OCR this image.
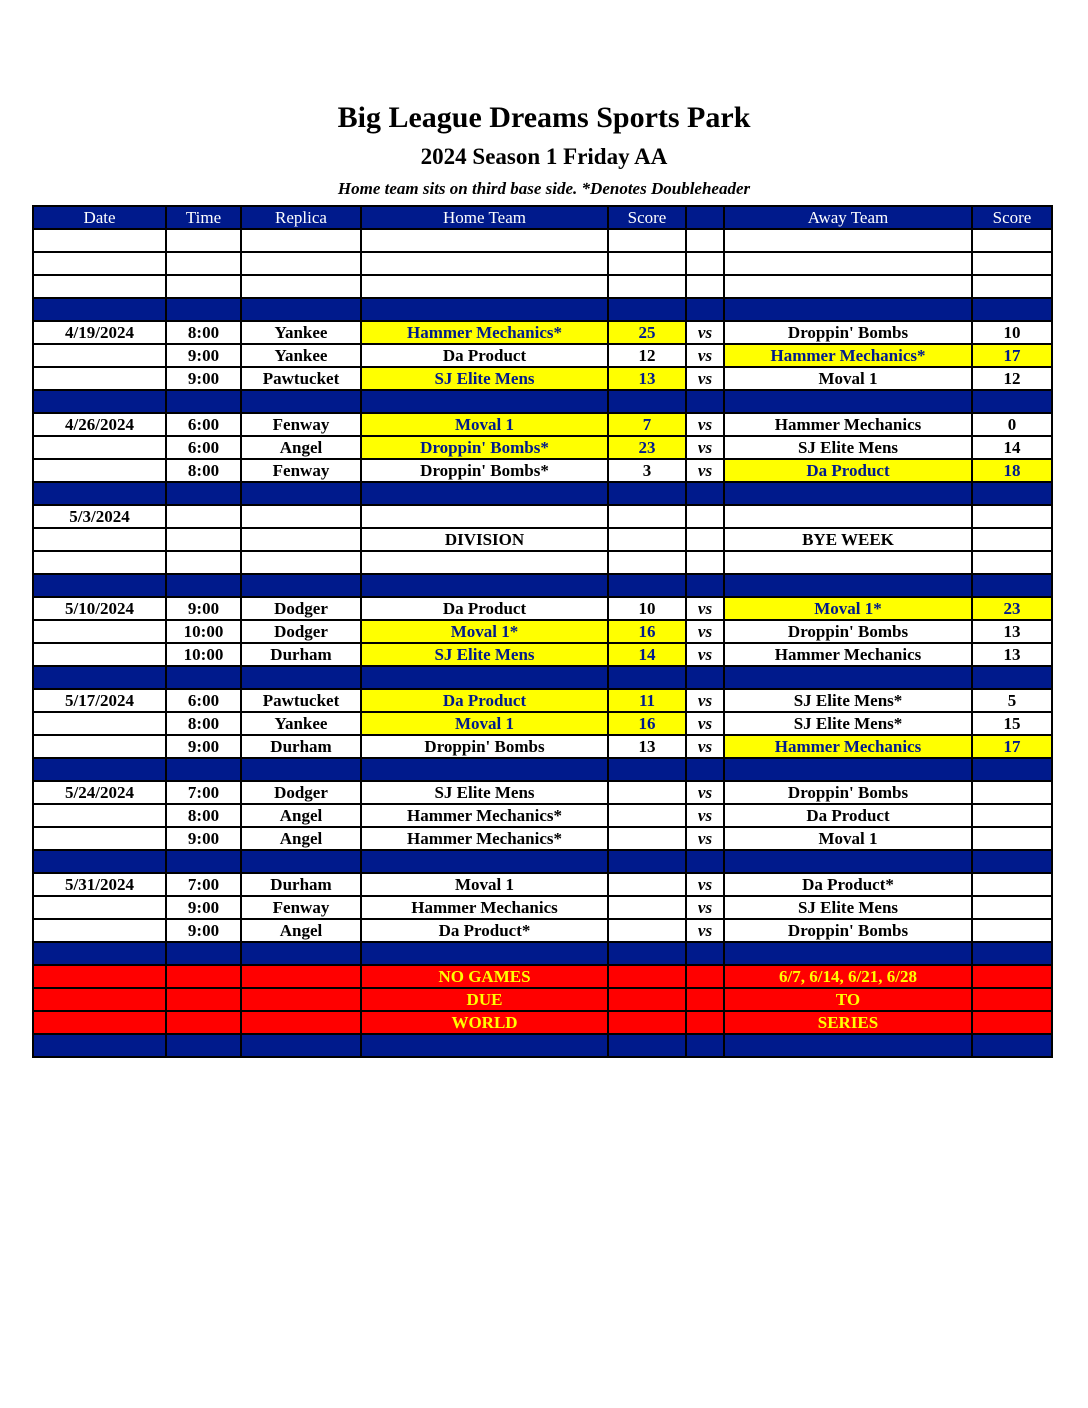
Big League Dreams Sports Park
2024 Season 1 Friday AA
Home team sits on third base side. *Denotes Doubleheader
Date	Time	Replica	Home Team	Score		Away Team	Score

4/19/2024	8:00	Yankee	Hammer Mechanics*	25	vs	Droppin' Bombs	10
	9:00	Yankee	Da Product	12	vs	Hammer Mechanics*	17
	9:00	Pawtucket	SJ Elite Mens	13	vs	Moval 1	12

4/26/2024	6:00	Fenway	Moval 1	7	vs	Hammer Mechanics	0
	6:00	Angel	Droppin' Bombs*	23	vs	SJ Elite Mens	14
	8:00	Fenway	Droppin' Bombs*	3	vs	Da Product	18

5/3/2024							
			DIVISION			BYE WEEK	

5/10/2024	9:00	Dodger	Da Product	10	vs	Moval 1*	23
	10:00	Dodger	Moval 1*	16	vs	Droppin' Bombs	13
	10:00	Durham	SJ Elite Mens	14	vs	Hammer Mechanics	13

5/17/2024	6:00	Pawtucket	Da Product	11	vs	SJ Elite Mens*	5
	8:00	Yankee	Moval 1	16	vs	SJ Elite Mens*	15
	9:00	Durham	Droppin' Bombs	13	vs	Hammer Mechanics	17

5/24/2024	7:00	Dodger	SJ Elite Mens		vs	Droppin' Bombs	
	8:00	Angel	Hammer Mechanics*		vs	Da Product	
	9:00	Angel	Hammer Mechanics*		vs	Moval 1	

5/31/2024	7:00	Durham	Moval 1		vs	Da Product*	
	9:00	Fenway	Hammer Mechanics		vs	SJ Elite Mens	
	9:00	Angel	Da Product*		vs	Droppin' Bombs	

			NO GAMES			6/7, 6/14, 6/21, 6/28	
			DUE			TO	
			WORLD			SERIES	
